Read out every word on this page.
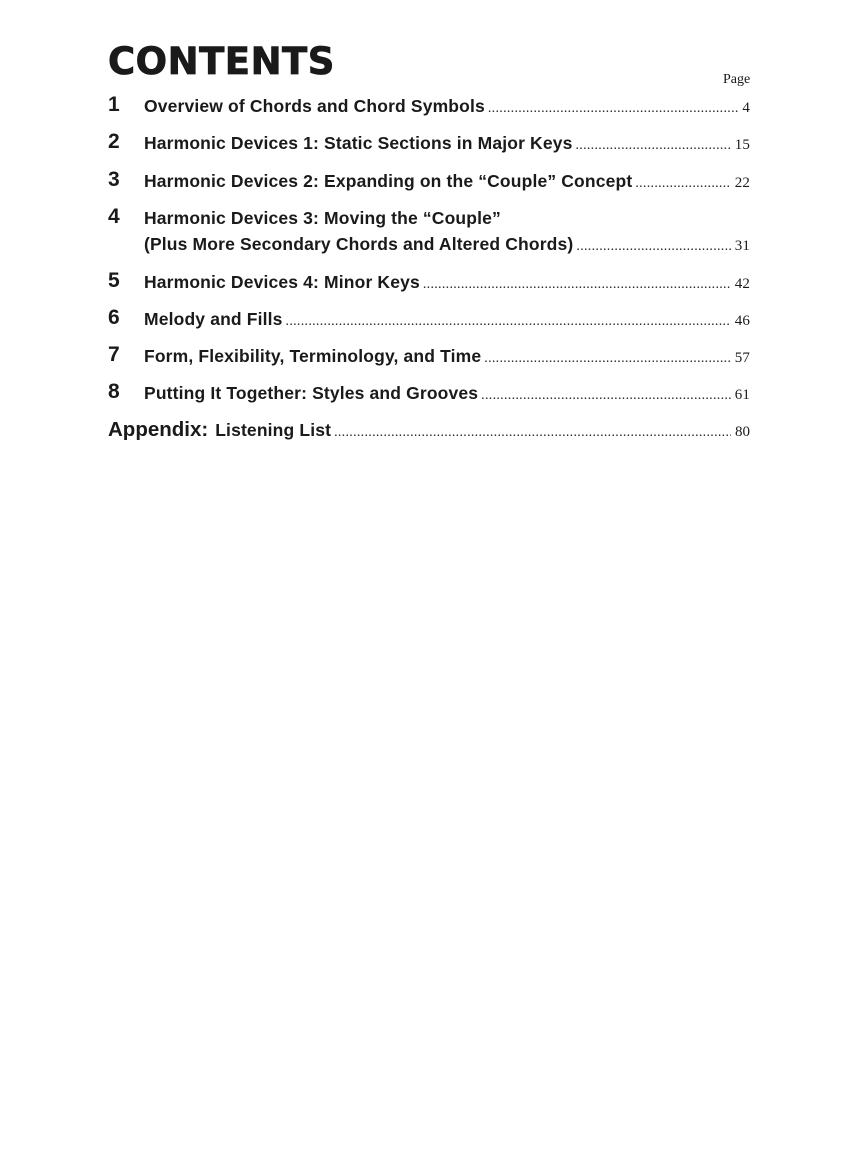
CONTENTS	Page
1 Overview of Chords and Chord Symbols . . .	4
2 Harmonic Devices 1: Static Sections in Major Keys . . .	15
3 Harmonic Devices 2: Expanding on the “Couple” Concept . . .	22
4 Harmonic Devices 3: Moving the “Couple”
(Plus More Secondary Chords and Altered Chords) . . .	31
5 Harmonic Devices 4: Minor Keys . . .	42
6 Melody and Fills . . .	46
7 Form, Flexibility, Terminology, and Time . . .	57
8 Putting It Together: Styles and Grooves . . .	61
Appendix: Listening List . . .	80
